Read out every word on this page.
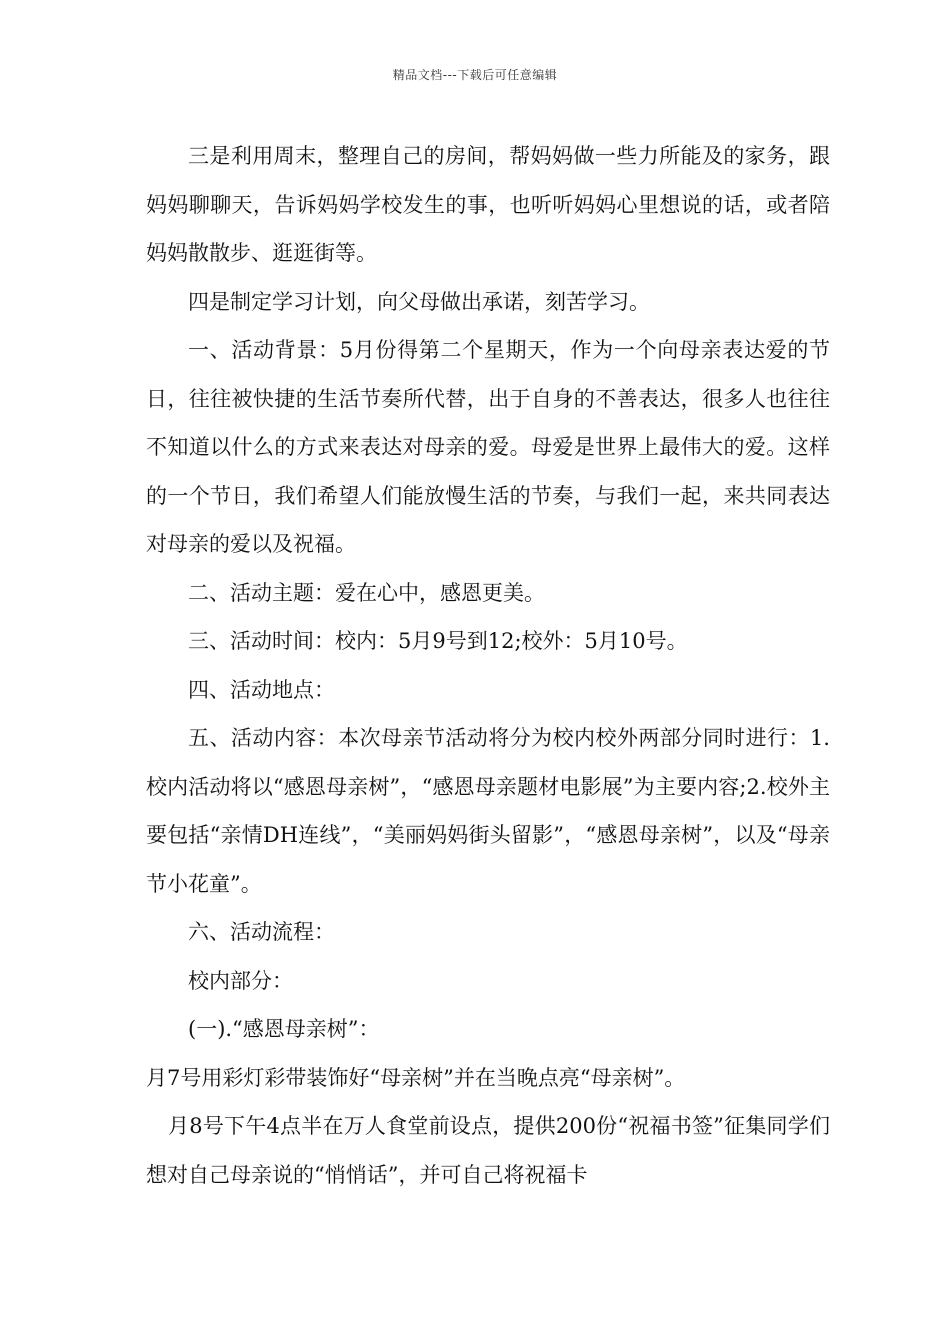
精品文档---下载后可任意编辑

三是利用周末，整理自己的房间，帮妈妈做一些力所能及的家务，跟妈妈聊聊天，告诉妈妈学校发生的事，也听听妈妈心里想说的话，或者陪妈妈散散步、逛逛街等。

四是制定学习计划，向父母做出承诺，刻苦学习。

一、活动背景：5月份得第二个星期天，作为一个向母亲表达爱的节日，往往被快捷的生活节奏所代替，出于自身的不善表达，很多人也往往不知道以什么的方式来表达对母亲的爱。母爱是世界上最伟大的爱。这样的一个节日，我们希望人们能放慢生活的节奏，与我们一起，来共同表达对母亲的爱以及祝福。

二、活动主题：爱在心中，感恩更美。

三、活动时间：校内：5月9号到12;校外：5月10号。

四、活动地点：

五、活动内容：本次母亲节活动将分为校内校外两部分同时进行：1.校内活动将以“感恩母亲树”，“感恩母亲题材电影展”为主要内容;2.校外主要包括“亲情DH连线”，“美丽妈妈街头留影”，“感恩母亲树”，以及“母亲节小花童”。

六、活动流程：

校内部分：

(一).“感恩母亲树”：

月7号用彩灯彩带装饰好“母亲树”并在当晚点亮“母亲树”。

月8号下午4点半在万人食堂前设点，提供200份“祝福书签”征集同学们想对自己母亲说的“悄悄话”，并可自己将祝福卡
